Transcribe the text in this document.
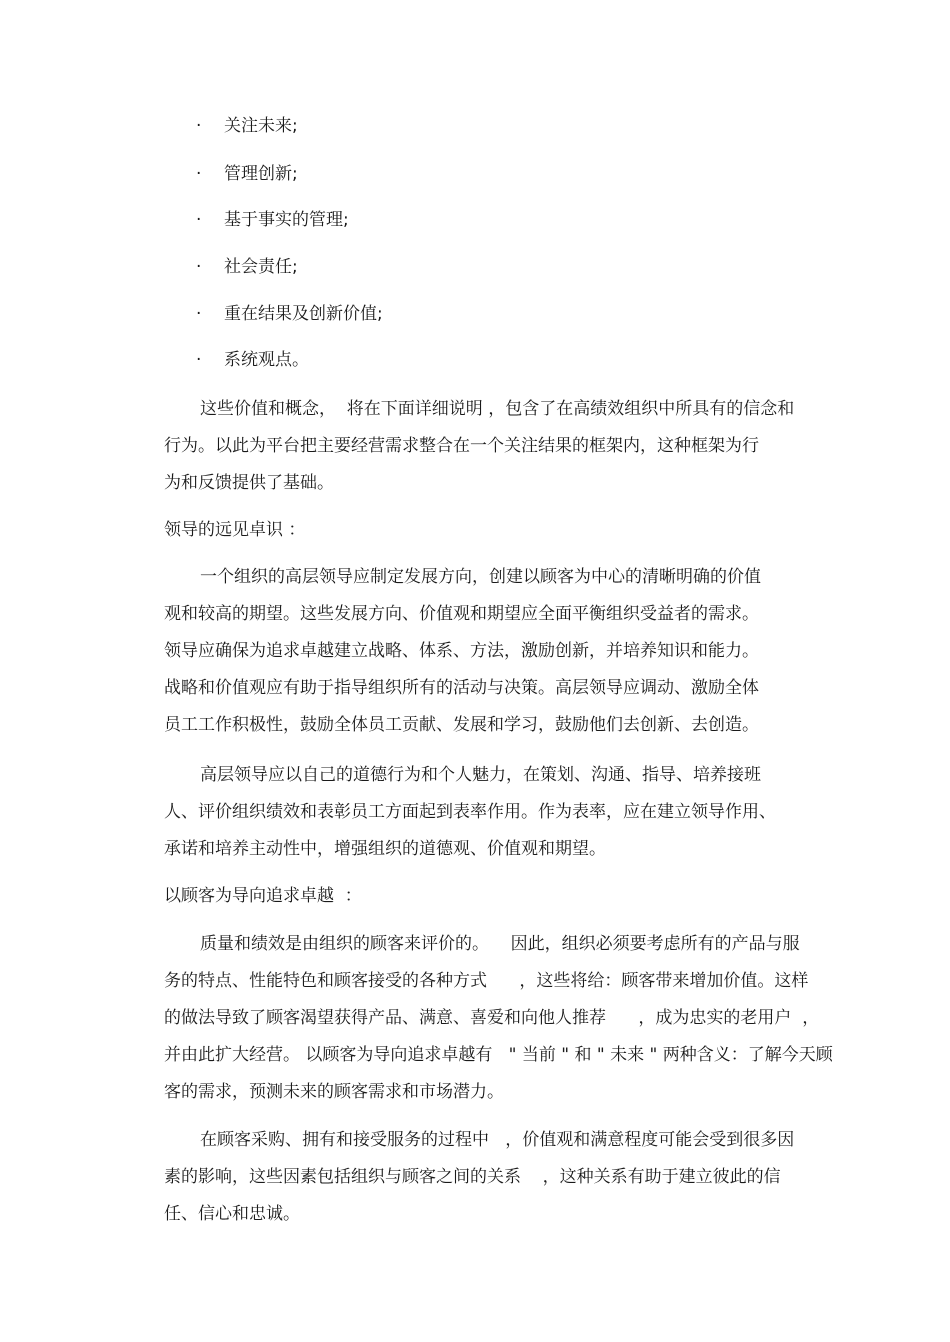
·	关注未来;
·	管理创新;
·	基于事实的管理;
·	社会责任;
·	重在结果及创新价值;
·	系统观点。
这些价值和概念，  将在下面详细说明 ，包含了在高绩效组织中所具有的信念和
行为。以此为平台把主要经营需求整合在一个关注结果的框架内，这种框架为行
为和反馈提供了基础。
领导的远见卓识 ：
一个组织的高层领导应制定发展方向，创建以顾客为中心的清晰明确的价值
观和较高的期望。这些发展方向、价值观和期望应全面平衡组织受益者的需求。
领导应确保为追求卓越建立战略、体系、方法，激励创新，并培养知识和能力。
战略和价值观应有助于指导组织所有的活动与决策。高层领导应调动、激励全体
员工工作积极性，鼓励全体员工贡献、发展和学习，鼓励他们去创新、去创造。
高层领导应以自己的道德行为和个人魅力，在策划、沟通、指导、培养接班
人、评价组织绩效和表彰员工方面起到表率作用。作为表率，应在建立领导作用、
承诺和培养主动性中，增强组织的道德观、价值观和期望。
以顾客为导向追求卓越  ：
质量和绩效是由组织的顾客来评价的。    因此，组织必须要考虑所有的产品与服
务的特点、性能特色和顾客接受的各种方式      ，这些将给：顾客带来增加价值。这样
的做法导致了顾客渴望获得产品、满意、喜爱和向他人推荐      ，成为忠实的老用户  ，
并由此扩大经营。 以顾客为导向追求卓越有   " 当前 " 和 " 未来 " 两种含义：了解今天顾
客的需求，预测未来的顾客需求和市场潜力。
在顾客采购、拥有和接受服务的过程中   ，价值观和满意程度可能会受到很多因
素的影响，这些因素包括组织与顾客之间的关系    ，这种关系有助于建立彼此的信
任、信心和忠诚。
